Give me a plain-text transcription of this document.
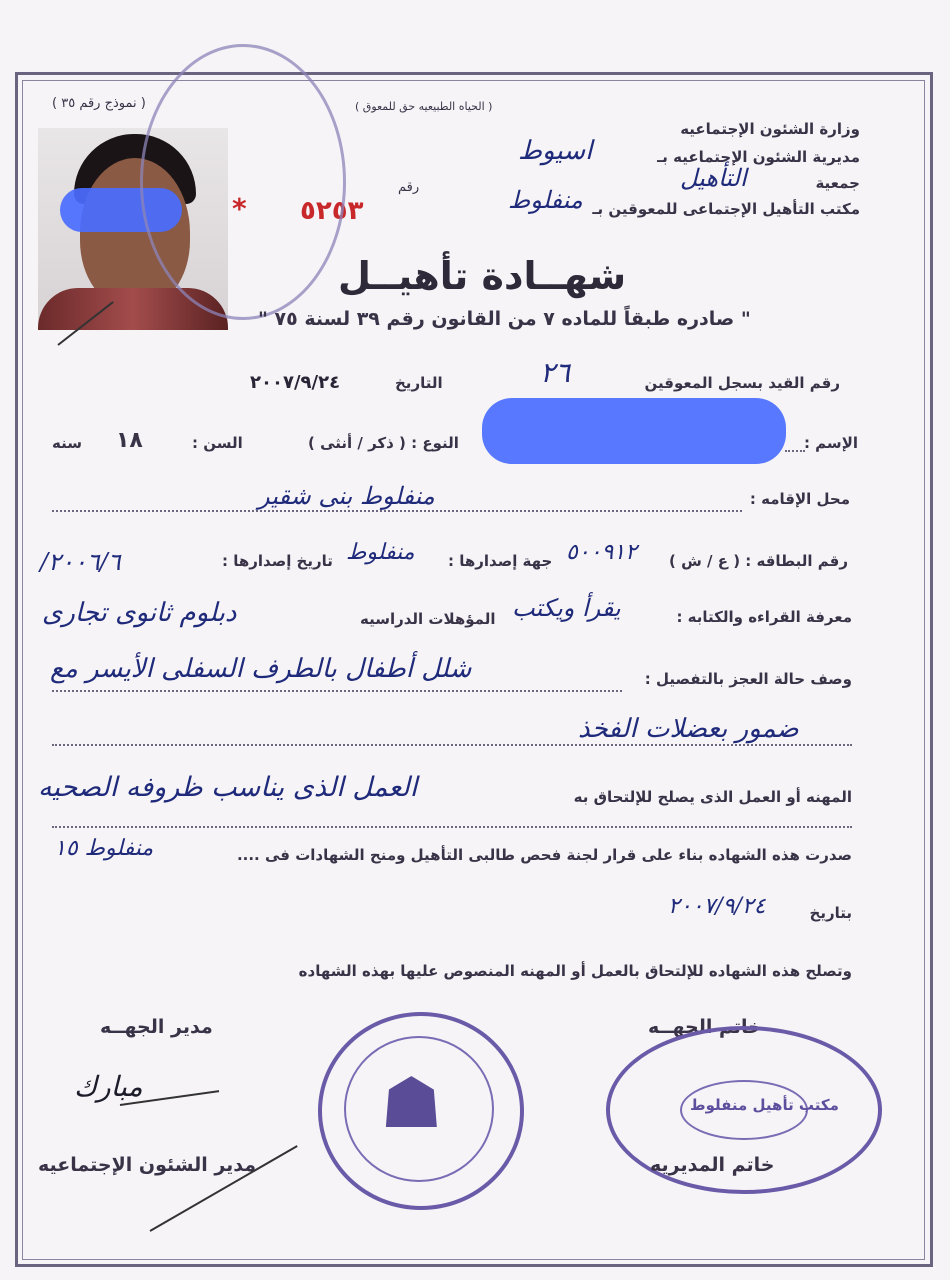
( نموذج رقم ٣٥ )	( الحياه الطبيعيه حق للمعوق )
وزارة الشئون الإجتماعيه
مديرية الشئون الإجتماعيه بـ
اسيوط
جمعية
التأهيل
مكتب التأهيل الإجتماعى للمعوقين بـ
منفلوط
رقم
* ٥٢٥٣
شهــادة تأهيــل
" صادره طبقاً للماده ٧ من القانون رقم ٣٩ لسنة ٧٥ "
رقم القيد بسجل المعوقين
٢٦
التاريخ
٢٠٠٧/٩/٢٤
الإسم :
النوع : ( ذكر / أنثى )
السن :
١٨
سنه
محل الإقامه :
منفلوط بنى شقير
رقم البطاقه : ( ع / ش )
٥٠٠٩١٢
جهة إصدارها :
منفلوط
تاريخ إصدارها :
٢٠٠٦/٦/
معرفة القراءه والكتابه :
يقرأ ويكتب
المؤهلات الدراسيه
دبلوم ثانوى تجارى
وصف حالة العجز بالتفصيل :
شلل أطفال بالطرف السفلى الأيسر مع
ضمور بعضلات الفخذ
المهنه أو العمل الذى يصلح للإلتحاق به
العمل الذى يناسب ظروفه الصحيه
صدرت هذه الشهاده بناء على قرار لجنة فحص طالبى التأهيل ومنح الشهادات فى ....
منفلوط ١٥
بتاريخ
٢٠٠٧/٩/٢٤
وتصلح هذه الشهاده للإلتحاق بالعمل أو المهنه المنصوص عليها بهذه الشهاده
مدير الجهــه	خاتم الجهــه
مبارك
مدير الشئون الإجتماعيه
☗	مكتب تأهيل منفلوط
خاتم المديريه
